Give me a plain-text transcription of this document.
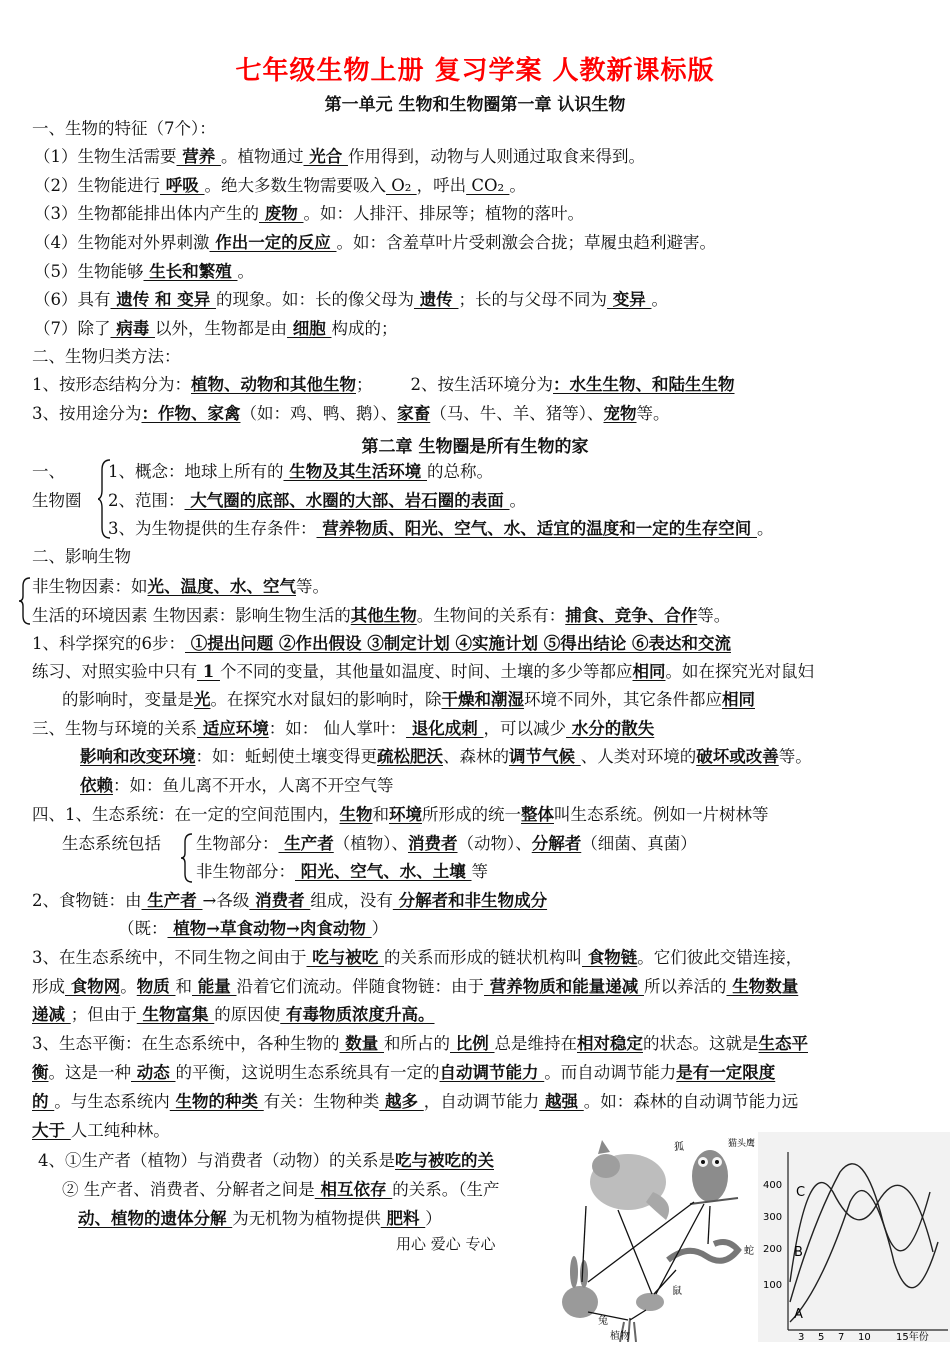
七年级生物上册 复习学案 人教新课标版
第一单元 生物和生物圈第一章 认识生物
一、生物的特征（7个）：
（1）生物生活需要 营养 。植物通过 光合 作用得到，动物与人则通过取食来得到。
（2）生物能进行 呼吸 。绝大多数生物需要吸入 O₂ ，呼出 CO₂ 。
（3）生物都能排出体内产生的 废物 。如：人排汗、排尿等；植物的落叶。
（4）生物能对外界刺激 作出一定的反应 。如：含羞草叶片受刺激会合拢；草履虫趋利避害。
（5）生物能够 生长和繁殖 。
（6）具有 遗传 和 变异 的现象。如：长的像父母为 遗传 ；长的与父母不同为 变异 。
（7）除了 病毒 以外，生物都是由 细胞 构成的；
二、生物归类方法：
1、按形态结构分为：植物、动物和其他生物； 2、按生活环境分为：水生生物、和陆生生物
3、按用途分为：作物、家禽（如：鸡、鸭、鹅）、家畜（马、牛、羊、猪等）、宠物等。
第二章 生物圈是所有生物的家
一、
生物圈
1、概念：地球上所有的 生物及其生活环境 的总称。
2、范围： 大气圈的底部、水圈的大部、岩石圈的表面 。
3、为生物提供的生存条件： 营养物质、阳光、空气、水、适宜的温度和一定的生存空间 。
二、影响生物
非生物因素：如光、温度、水、空气等。
生活的环境因素 生物因素：影响生物生活的其他生物。生物间的关系有：捕食、竞争、合作等。
1、科学探究的6步： ①提出问题 ②作出假设 ③制定计划 ④实施计划 ⑤得出结论 ⑥表达和交流
练习、对照实验中只有 1 个不同的变量，其他量如温度、时间、土壤的多少等都应相同。如在探究光对鼠妇
的影响时，变量是光。在探究水对鼠妇的影响时，除干燥和潮湿环境不同外，其它条件都应相同
三、生物与环境的关系 适应环境：如： 仙人掌叶： 退化成刺 ，可以减少 水分的散失
影响和改变环境：如：蚯蚓使土壤变得更疏松肥沃、森林的调节气候 、人类对环境的破坏或改善等。
依赖：如：鱼儿离不开水，人离不开空气等
四、1、生态系统：在一定的空间范围内，生物和环境所形成的统一整体叫生态系统。例如一片树林等
生态系统包括 生物部分： 生产者（植物）、消费者（动物）、分解者（细菌、真菌）
非生物部分： 阳光、空气、水、土壤 等
2、食物链：由 生产者 →各级 消费者 组成，没有 分解者和非生物成分
（既： 植物→草食动物→肉食动物 ）
3、在生态系统中，不同生物之间由于 吃与被吃 的关系而形成的链状机构叫 食物链。它们彼此交错连接，
形成 食物网。物质 和 能量 沿着它们流动。伴随食物链：由于 营养物质和能量递减 所以养活的 生物数量
递减 ；但由于 生物富集 的原因使 有毒物质浓度升高。
3、生态平衡：在生态系统中，各种生物的 数量 和所占的 比例 总是维持在相对稳定的状态。这就是生态平
衡。这是一种 动态 的平衡，这说明生态系统具有一定的自动调节能力 。而自动调节能力是有一定限度
的 。与生态系统内 生物的种类 有关：生物种类 越多 ，自动调节能力 越强 。如：森林的自动调节能力远
大于 人工纯种林。
4、①生产者（植物）与消费者（动物）的关系是吃与被吃的关
② 生产者、消费者、分解者之间是 相互依存 的关系。（生产
动、植物的遗体分解 为无机物为植物提供 肥料 ）
用心 爱心 专心
狐	猫头鹰
蛇
兔
鼠
植物
400
300
200
100
3 5 7 10	15年份
C
B
A
